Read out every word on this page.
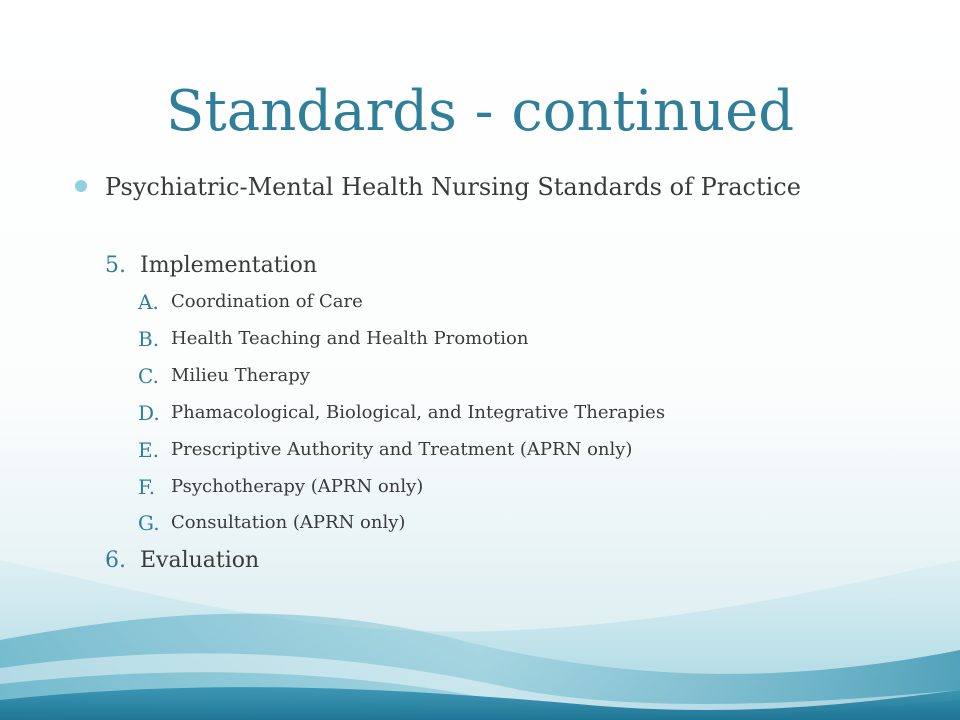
Standards - continued
Psychiatric-Mental Health Nursing Standards of Practice
5. Implementation
A. Coordination of Care
B. Health Teaching and Health Promotion
C. Milieu Therapy
D. Phamacological, Biological, and Integrative Therapies
E. Prescriptive Authority and Treatment (APRN only)
F. Psychotherapy (APRN only)
G. Consultation (APRN only)
6. Evaluation
